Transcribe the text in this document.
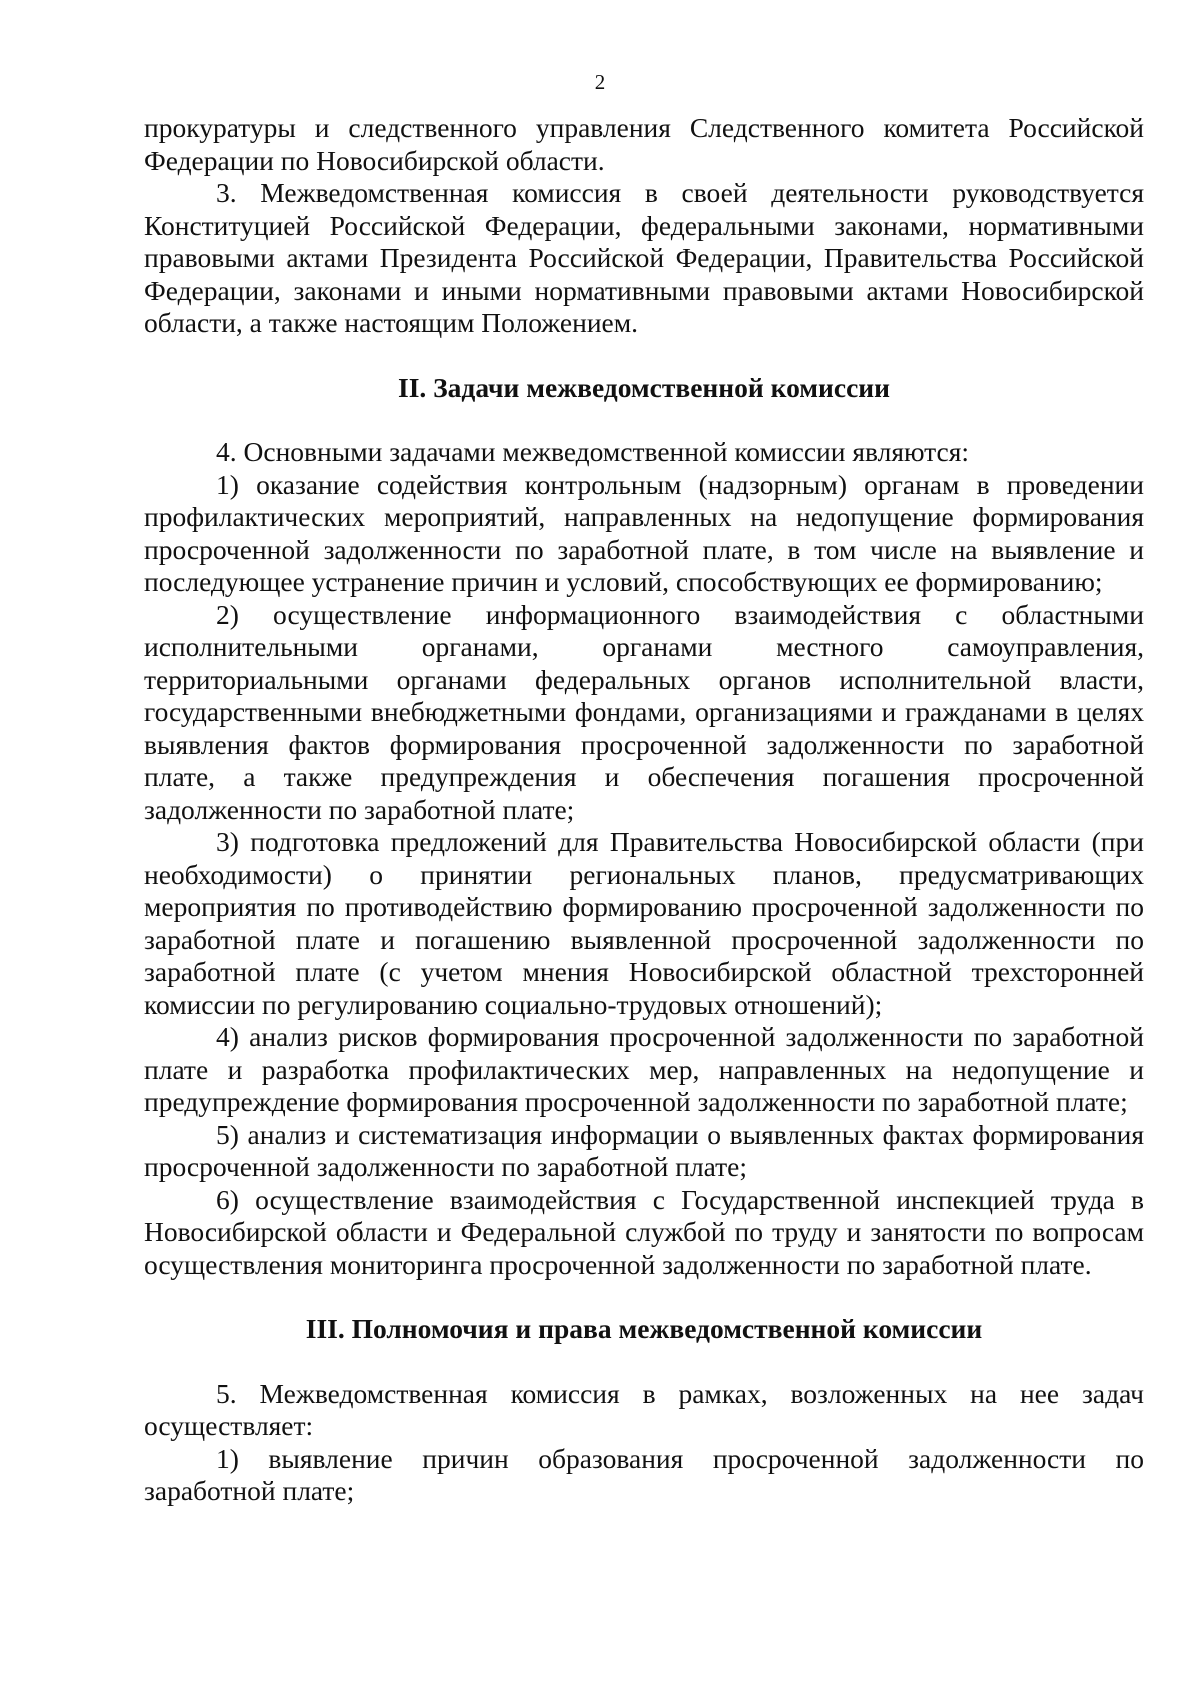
2

прокуратуры и следственного управления Следственного комитета Российской Федерации по Новосибирской области.

3. Межведомственная комиссия в своей деятельности руководствуется Конституцией Российской Федерации, федеральными законами, нормативными правовыми актами Президента Российской Федерации, Правительства Российской Федерации, законами и иными нормативными правовыми актами Новосибирской области, а также настоящим Положением.

II. Задачи межведомственной комиссии

4. Основными задачами межведомственной комиссии являются:

1) оказание содействия контрольным (надзорным) органам в проведении профилактических мероприятий, направленных на недопущение формирования просроченной задолженности по заработной плате, в том числе на выявление и последующее устранение причин и условий, способствующих ее формированию;

2) осуществление информационного взаимодействия с областными исполнительными органами, органами местного самоуправления, территориальными органами федеральных органов исполнительной власти, государственными внебюджетными фондами, организациями и гражданами в целях выявления фактов формирования просроченной задолженности по заработной плате, а также предупреждения и обеспечения погашения просроченной задолженности по заработной плате;

3) подготовка предложений для Правительства Новосибирской области (при необходимости) о принятии региональных планов, предусматривающих мероприятия по противодействию формированию просроченной задолженности по заработной плате и погашению выявленной просроченной задолженности по заработной плате (с учетом мнения Новосибирской областной трехсторонней комиссии по регулированию социально-трудовых отношений);

4) анализ рисков формирования просроченной задолженности по заработной плате и разработка профилактических мер, направленных на недопущение и предупреждение формирования просроченной задолженности по заработной плате;

5) анализ и систематизация информации о выявленных фактах формирования просроченной задолженности по заработной плате;

6) осуществление взаимодействия с Государственной инспекцией труда в Новосибирской области и Федеральной службой по труду и занятости по вопросам осуществления мониторинга просроченной задолженности по заработной плате.

III. Полномочия и права межведомственной комиссии

5. Межведомственная комиссия в рамках, возложенных на нее задач осуществляет:

1) выявление причин образования просроченной задолженности по заработной плате;
